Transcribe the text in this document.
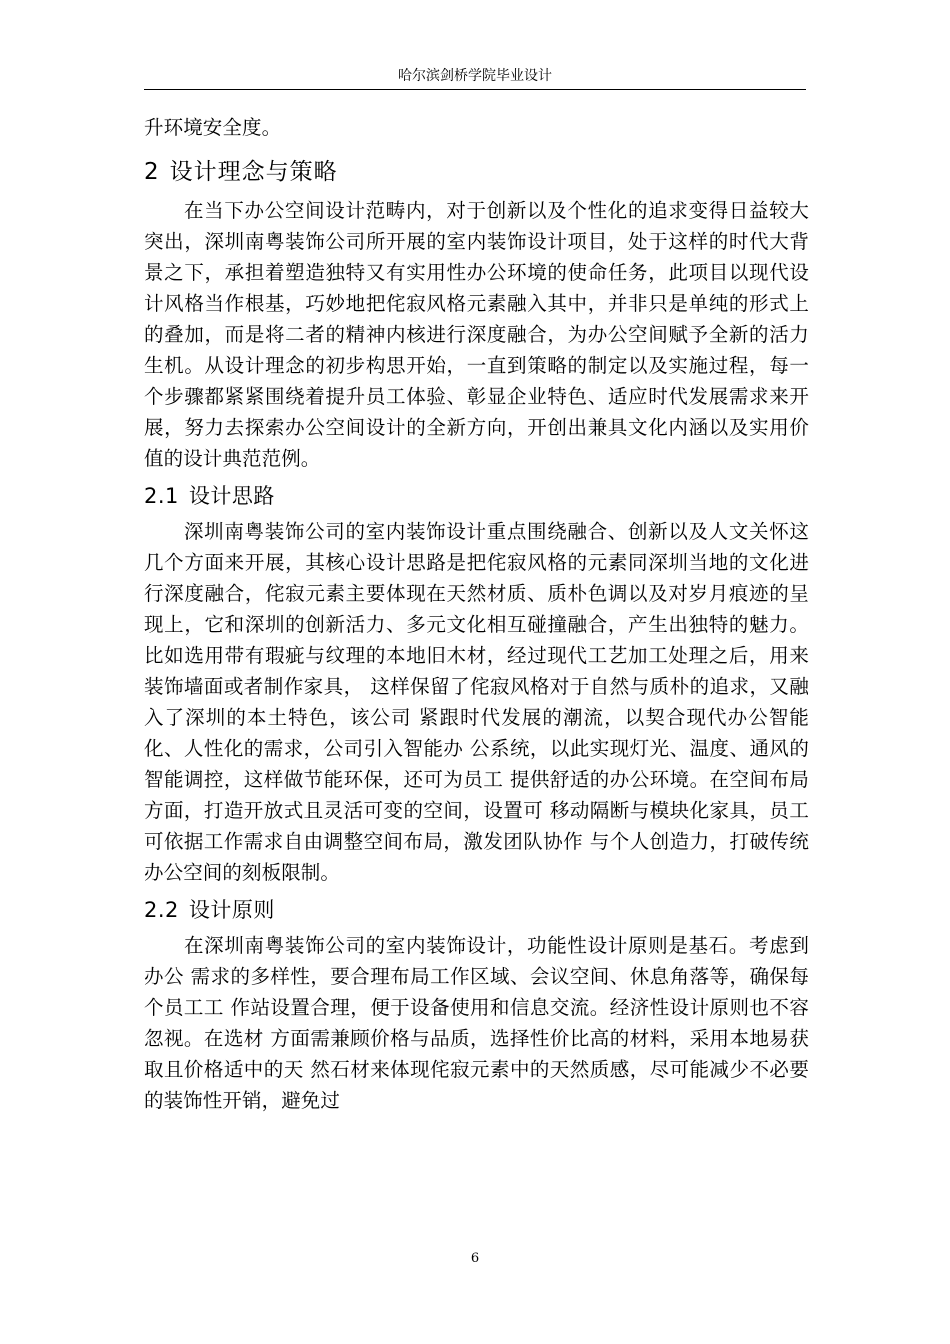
哈尔滨剑桥学院毕业设计

升环境安全度。

2 设计理念与策略

在当下办公空间设计范畴内，对于创新以及个性化的追求变得日益较大突出，深圳南粤装饰公司所开展的室内装饰设计项目，处于这样的时代大背景之下，承担着塑造独特又有实用性办公环境的使命任务，此项目以现代设计风格当作根基，巧妙地把侘寂风格元素融入其中，并非只是单纯的形式上的叠加，而是将二者的精神内核进行深度融合，为办公空间赋予全新的活力生机。从设计理念的初步构思开始，一直到策略的制定以及实施过程，每一个步骤都紧紧围绕着提升员工体验、彰显企业特色、适应时代发展需求来开展，努力去探索办公空间设计的全新方向，开创出兼具文化内涵以及实用价值的设计典范范例。

2.1 设计思路

深圳南粤装饰公司的室内装饰设计重点围绕融合、创新以及人文关怀这几个方面来开展，其核心设计思路是把侘寂风格的元素同深圳当地的文化进行深度融合，侘寂元素主要体现在天然材质、质朴色调以及对岁月痕迹的呈现上，它和深圳的创新活力、多元文化相互碰撞融合，产生出独特的魅力。比如选用带有瑕疵与纹理的本地旧木材，经过现代工艺加工处理之后，用来装饰墙面或者制作家具， 这样保留了侘寂风格对于自然与质朴的追求，又融入了深圳的本土特色，该公司 紧跟时代发展的潮流，以契合现代办公智能化、人性化的需求，公司引入智能办 公系统，以此实现灯光、温度、通风的智能调控，这样做节能环保，还可为员工 提供舒适的办公环境。在空间布局方面，打造开放式且灵活可变的空间，设置可 移动隔断与模块化家具，员工可依据工作需求自由调整空间布局，激发团队协作 与个人创造力，打破传统办公空间的刻板限制。

2.2 设计原则

在深圳南粤装饰公司的室内装饰设计，功能性设计原则是基石。考虑到办公 需求的多样性，要合理布局工作区域、会议空间、休息角落等，确保每个员工工 作站设置合理，便于设备使用和信息交流。经济性设计原则也不容忽视。在选材 方面需兼顾价格与品质，选择性价比高的材料，采用本地易获取且价格适中的天 然石材来体现侘寂元素中的天然质感，尽可能减少不必要的装饰性开销，避免过

6
